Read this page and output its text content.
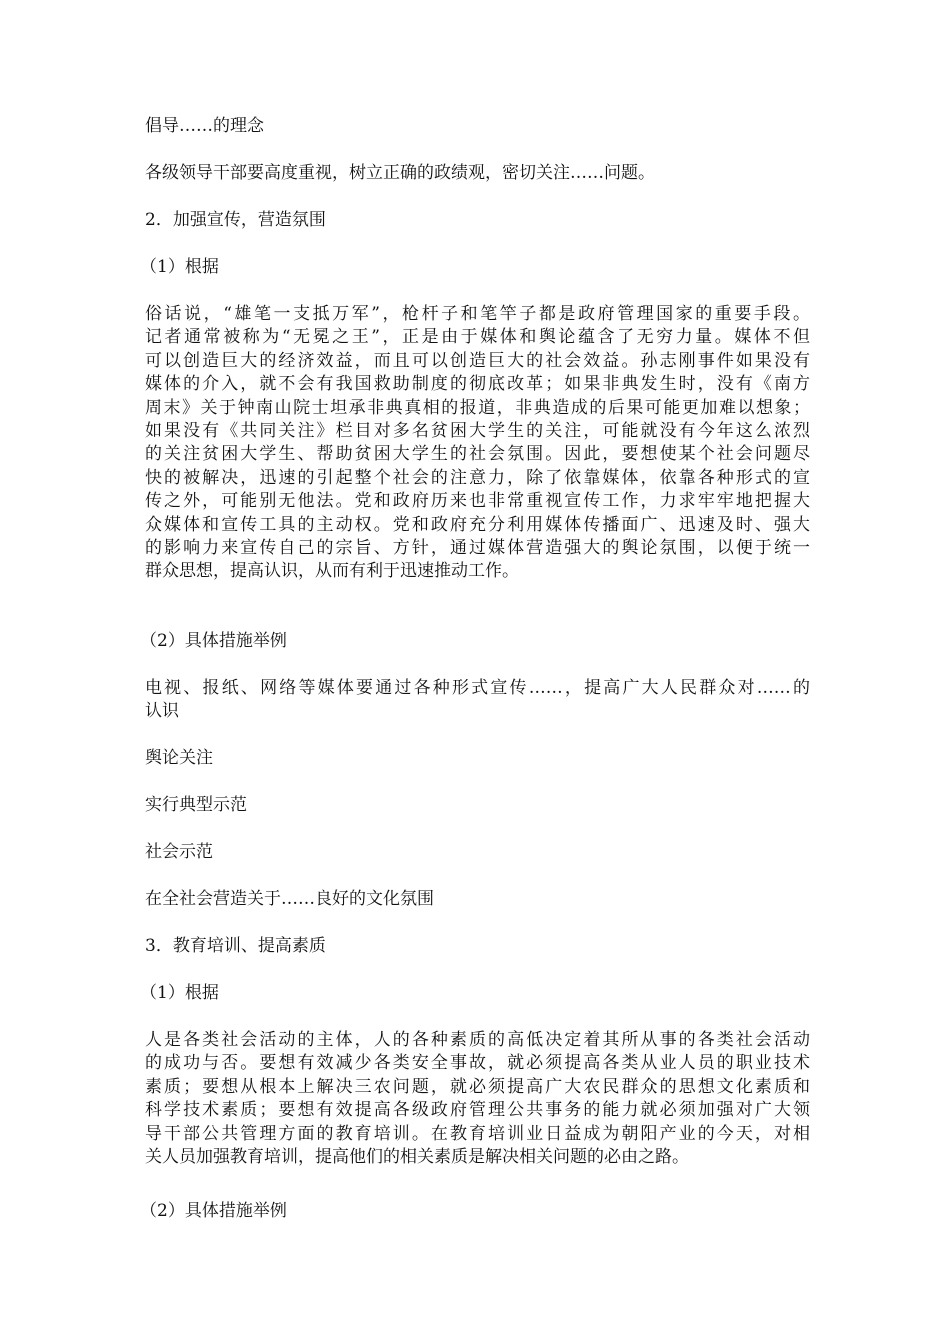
倡导……的理念

各级领导干部要高度重视，树立正确的政绩观，密切关注……问题。

2．加强宣传，营造氛围

（1）根据

俗话说，“雄笔一支抵万军”，枪杆子和笔竿子都是政府管理国家的重要手段。
记者通常被称为“无冕之王”，正是由于媒体和舆论蕴含了无穷力量。媒体不但
可以创造巨大的经济效益，而且可以创造巨大的社会效益。孙志刚事件如果没有
媒体的介入，就不会有我国救助制度的彻底改革；如果非典发生时，没有《南方
周末》关于钟南山院士坦承非典真相的报道，非典造成的后果可能更加难以想象；
如果没有《共同关注》栏目对多名贫困大学生的关注，可能就没有今年这么浓烈
的关注贫困大学生、帮助贫困大学生的社会氛围。因此，要想使某个社会问题尽
快的被解决，迅速的引起整个社会的注意力，除了依靠媒体，依靠各种形式的宣
传之外，可能别无他法。党和政府历来也非常重视宣传工作，力求牢牢地把握大
众媒体和宣传工具的主动权。党和政府充分利用媒体传播面广、迅速及时、强大
的影响力来宣传自己的宗旨、方针，通过媒体营造强大的舆论氛围，以便于统一
群众思想，提高认识，从而有利于迅速推动工作。

（2）具体措施举例

电视、报纸、网络等媒体要通过各种形式宣传……，提高广大人民群众对……的
认识

舆论关注

实行典型示范

社会示范

在全社会营造关于……良好的文化氛围

3．教育培训、提高素质

（1）根据

人是各类社会活动的主体，人的各种素质的高低决定着其所从事的各类社会活动
的成功与否。要想有效减少各类安全事故，就必须提高各类从业人员的职业技术
素质；要想从根本上解决三农问题，就必须提高广大农民群众的思想文化素质和
科学技术素质；要想有效提高各级政府管理公共事务的能力就必须加强对广大领
导干部公共管理方面的教育培训。在教育培训业日益成为朝阳产业的今天，对相
关人员加强教育培训，提高他们的相关素质是解决相关问题的必由之路。

（2）具体措施举例
